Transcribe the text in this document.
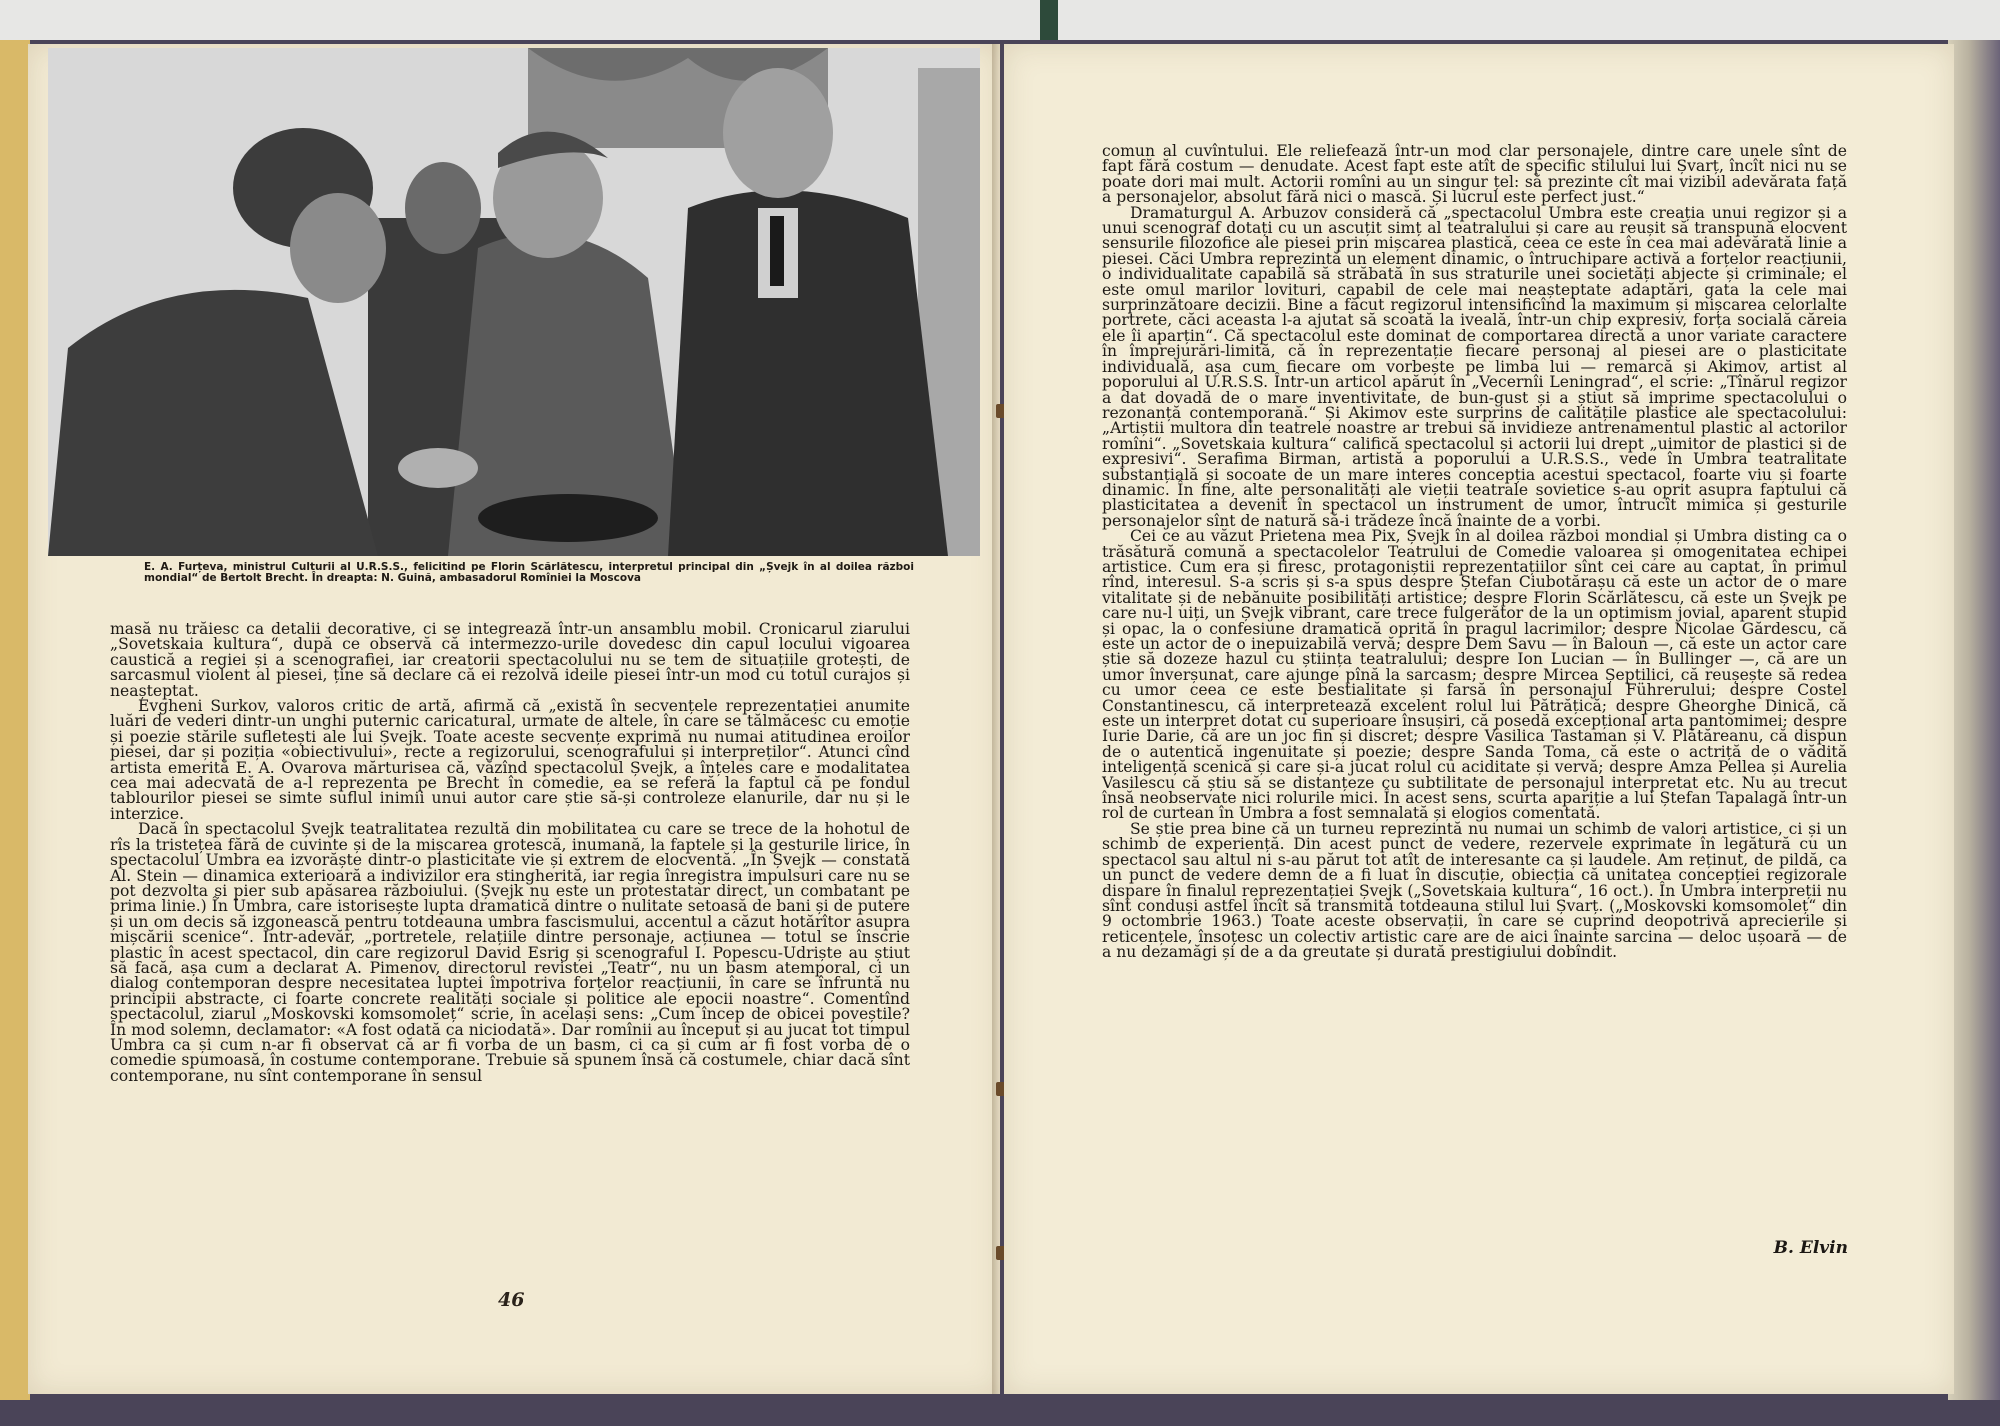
E. A. Furțeva, ministrul Culturii al U.R.S.S., felicitind pe Florin Scărlătescu, interpretul principal din „Șvejk în al doilea război mondial“ de Bertolt Brecht. În dreapta: N. Guină, ambasadorul Romîniei la Moscova

masă nu trăiesc ca detalii decorative, ci se integrează într-un ansamblu mobil. Cronicarul ziarului „Sovetskaia kultura“, după ce observă că intermezzo-urile dovedesc din capul locului vigoarea caustică a regiei și a scenografiei, iar creatorii spectacolului nu se tem de situațiile grotești, de sarcasmul violent al piesei, ține să declare că ei rezolvă ideile piesei într-un mod cu totul curajos și neașteptat.

Evgheni Surkov, valoros critic de artă, afirmă că „există în secvențele reprezentației anumite luări de vederi dintr-un unghi puternic caricatural, urmate de altele, în care se tălmăcesc cu emoție și poezie stările sufletești ale lui Șvejk. Toate aceste secvențe exprimă nu numai atitudinea eroilor piesei, dar și poziția «obiectivului», recte a regizorului, scenografului și interpreților“. Atunci cînd artista emerită E. A. Ovarova mărturisea că, văzînd spectacolul Șvejk, a înțeles care e modalitatea cea mai adecvată de a-l reprezenta pe Brecht în comedie, ea se referă la faptul că pe fondul tablourilor piesei se simte suflul inimii unui autor care știe să-și controleze elanurile, dar nu și le interzice.

Dacă în spectacolul Șvejk teatralitatea rezultă din mobilitatea cu care se trece de la hohotul de rîs la tristețea fără de cuvinte și de la mișcarea grotescă, inumană, la faptele și la gesturile lirice, în spectacolul Umbra ea izvorăște dintr-o plasticitate vie și extrem de elocventă. „În Șvejk — constată Al. Stein — dinamica exterioară a indivizilor era stingherită, iar regia înregistra impulsuri care nu se pot dezvolta și pier sub apăsarea războiului. (Șvejk nu este un protestatar direct, un combatant pe prima linie.) În Umbra, care istorisește lupta dramatică dintre o nulitate setoasă de bani și de putere și un om decis să izgonească pentru totdeauna umbra fascismului, accentul a căzut hotărîtor asupra mișcării scenice“. Într-adevăr, „portretele, relațiile dintre personaje, acțiunea — totul se înscrie plastic în acest spectacol, din care regizorul David Esrig și scenograful I. Popescu-Udriște au știut să facă, așa cum a declarat A. Pimenov, directorul revistei „Teatr“, nu un basm atemporal, ci un dialog contemporan despre necesitatea luptei împotriva forțelor reacțiunii, în care se înfruntă nu principii abstracte, ci foarte concrete realități sociale și politice ale epocii noastre“. Comentînd spectacolul, ziarul „Moskovski komsomoleț“ scrie, în același sens: „Cum încep de obicei poveștile? În mod solemn, declamator: «A fost odată ca niciodată». Dar romînii au început și au jucat tot timpul Umbra ca și cum n-ar fi observat că ar fi vorba de un basm, ci ca și cum ar fi fost vorba de o comedie spumoasă, în costume contemporane. Trebuie să spunem însă că costumele, chiar dacă sînt contemporane, nu sînt contemporane în sensul

46

comun al cuvîntului. Ele reliefează într-un mod clar personajele, dintre care unele sînt de fapt fără costum — denudate. Acest fapt este atît de specific stilului lui Șvarț, încît nici nu se poate dori mai mult. Actorii romîni au un singur țel: să prezinte cît mai vizibil adevărata față a personajelor, absolut fără nici o mască. Și lucrul este perfect just.“

Dramaturgul A. Arbuzov consideră că „spectacolul Umbra este creația unui regizor și a unui scenograf dotați cu un ascuțit simț al teatralului și care au reușit să transpună elocvent sensurile filozofice ale piesei prin mișcarea plastică, ceea ce este în cea mai adevărată linie a piesei. Căci Umbra reprezintă un element dinamic, o întruchipare activă a forțelor reacțiunii, o individualitate capabilă să străbată în sus straturile unei societăți abjecte și criminale; el este omul marilor lovituri, capabil de cele mai neașteptate adaptări, gata la cele mai surprinzătoare decizii. Bine a făcut regizorul intensificînd la maximum și mișcarea celorlalte portrete, căci aceasta l-a ajutat să scoată la iveală, într-un chip expresiv, forța socială căreia ele îi aparțin“. Că spectacolul este dominat de comportarea directă a unor variate caractere în împrejurări-limită, că în reprezentație fiecare personaj al piesei are o plasticitate individuală, așa cum fiecare om vorbește pe limba lui — remarcă și Akimov, artist al poporului al U.R.S.S. Într-un articol apărut în „Vecernîi Leningrad“, el scrie: „Tînărul regizor a dat dovadă de o mare inventivitate, de bun-gust și a știut să imprime spectacolului o rezonanță contemporană.“ Și Akimov este surprins de calitățile plastice ale spectacolului: „Artiștii multora din teatrele noastre ar trebui să invidieze antrenamentul plastic al actorilor romîni“. „Sovetskaia kultura“ califică spectacolul și actorii lui drept „uimitor de plastici și de expresivi“. Serafima Birman, artistă a poporului a U.R.S.S., vede în Umbra teatralitate substanțială și socoate de un mare interes concepția acestui spectacol, foarte viu și foarte dinamic. În fine, alte personalități ale vieții teatrale sovietice s-au oprit asupra faptului că plasticitatea a devenit în spectacol un instrument de umor, întrucît mimica și gesturile personajelor sînt de natură să-i trădeze încă înainte de a vorbi.

Cei ce au văzut Prietena mea Pix, Șvejk în al doilea război mondial și Umbra disting ca o trăsătură comună a spectacolelor Teatrului de Comedie valoarea și omogenitatea echipei artistice. Cum era și firesc, protagoniștii reprezentațiilor sînt cei care au captat, în primul rînd, interesul. S-a scris și s-a spus despre Ștefan Ciubotărașu că este un actor de o mare vitalitate și de nebănuite posibilități artistice; despre Florin Scărlătescu, că este un Șvejk pe care nu-l uiți, un Șvejk vibrant, care trece fulgerător de la un optimism jovial, aparent stupid și opac, la o confesiune dramatică oprită în pragul lacrimilor; despre Nicolae Gărdescu, că este un actor de o inepuizabilă vervă; despre Dem Savu — în Baloun —, că este un actor care știe să dozeze hazul cu știința teatralului; despre Ion Lucian — în Bullinger —, că are un umor înverșunat, care ajunge pînă la sarcasm; despre Mircea Șeptilici, că reușește să redea cu umor ceea ce este bestialitate și farsă în personajul Führerului; despre Costel Constantinescu, că interpretează excelent rolul lui Pătrățică; despre Gheorghe Dinică, că este un interpret dotat cu superioare însușiri, că posedă excepțional arta pantomimei; despre Iurie Darie, că are un joc fin și discret; despre Vasilica Tastaman și V. Plătăreanu, că dispun de o autentică ingenuitate și poezie; despre Sanda Toma, că este o actriță de o vădită inteligență scenică și care și-a jucat rolul cu aciditate și vervă; despre Amza Pellea și Aurelia Vasilescu că știu să se distanțeze cu subtilitate de personajul interpretat etc. Nu au trecut însă neobservate nici rolurile mici. În acest sens, scurta apariție a lui Ștefan Tapalagă într-un rol de curtean în Umbra a fost semnalată și elogios comentată.

Se știe prea bine că un turneu reprezintă nu numai un schimb de valori artistice, ci și un schimb de experiență. Din acest punct de vedere, rezervele exprimate în legătură cu un spectacol sau altul ni s-au părut tot atît de interesante ca și laudele. Am reținut, de pildă, ca un punct de vedere demn de a fi luat în discuție, obiecția că unitatea concepției regizorale dispare în finalul reprezentației Șvejk („Sovetskaia kultura“, 16 oct.). În Umbra interpreții nu sînt conduși astfel încît să transmită totdeauna stilul lui Șvarț. („Moskovski komsomoleț“ din 9 octombrie 1963.) Toate aceste observații, în care se cuprind deopotrivă aprecierile și reticențele, însoțesc un colectiv artistic care are de aici înainte sarcina — deloc ușoară — de a nu dezamăgi și de a da greutate și durată prestigiului dobîndit.

B. Elvin
